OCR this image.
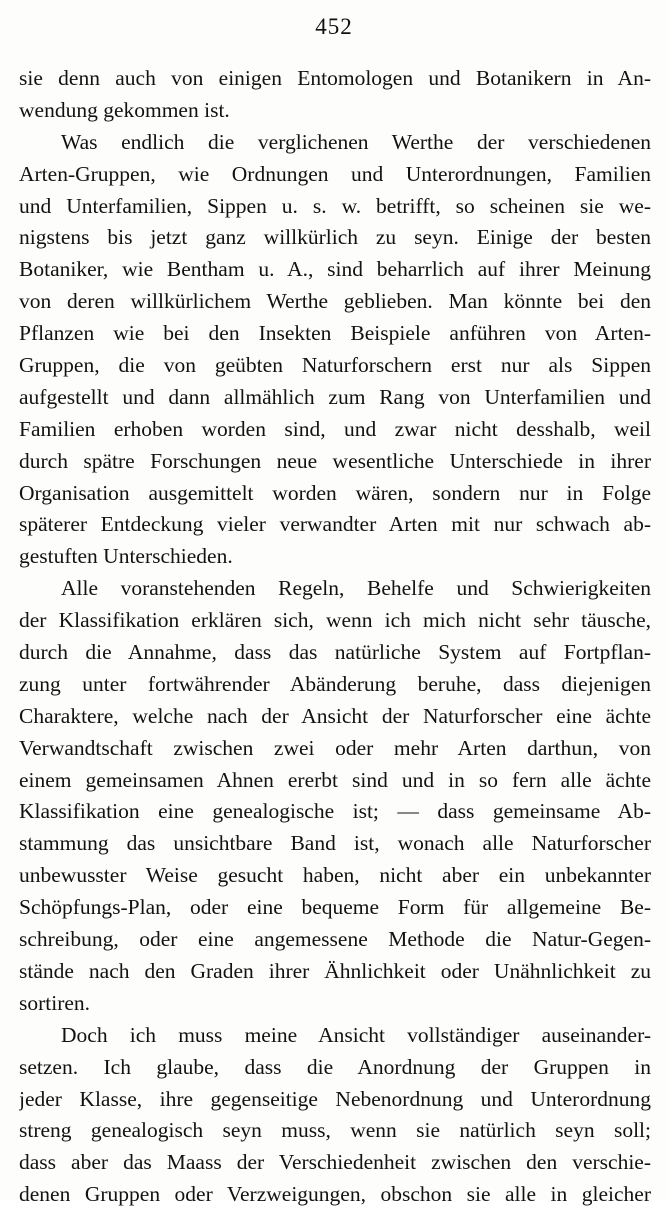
452
sie denn auch von einigen Entomologen und Botanikern in An-
wendung gekommen ist.
Was endlich die verglichenen Werthe der verschiedenen
Arten-Gruppen, wie Ordnungen und Unterordnungen, Familien
und Unterfamilien, Sippen u. s. w. betrifft, so scheinen sie we-
nigstens bis jetzt ganz willkürlich zu seyn. Einige der besten
Botaniker, wie Bentham u. A., sind beharrlich auf ihrer Meinung
von deren willkürlichem Werthe geblieben. Man könnte bei den
Pflanzen wie bei den Insekten Beispiele anführen von Arten-
Gruppen, die von geübten Naturforschern erst nur als Sippen
aufgestellt und dann allmählich zum Rang von Unterfamilien und
Familien erhoben worden sind, und zwar nicht desshalb, weil
durch spätre Forschungen neue wesentliche Unterschiede in ihrer
Organisation ausgemittelt worden wären, sondern nur in Folge
späterer Entdeckung vieler verwandter Arten mit nur schwach ab-
gestuften Unterschieden.
Alle voranstehenden Regeln, Behelfe und Schwierigkeiten
der Klassifikation erklären sich, wenn ich mich nicht sehr täusche,
durch die Annahme, dass das natürliche System auf Fortpflan-
zung unter fortwährender Abänderung beruhe, dass diejenigen
Charaktere, welche nach der Ansicht der Naturforscher eine ächte
Verwandtschaft zwischen zwei oder mehr Arten darthun, von
einem gemeinsamen Ahnen ererbt sind und in so fern alle ächte
Klassifikation eine genealogische ist; — dass gemeinsame Ab-
stammung das unsichtbare Band ist, wonach alle Naturforscher
unbewusster Weise gesucht haben, nicht aber ein unbekannter
Schöpfungs-Plan, oder eine bequeme Form für allgemeine Be-
schreibung, oder eine angemessene Methode die Natur-Gegen-
stände nach den Graden ihrer Ähnlichkeit oder Unähnlichkeit zu
sortiren.
Doch ich muss meine Ansicht vollständiger auseinander-
setzen. Ich glaube, dass die Anordnung der Gruppen in
jeder Klasse, ihre gegenseitige Nebenordnung und Unterordnung
streng genealogisch seyn muss, wenn sie natürlich seyn soll;
dass aber das Maass der Verschiedenheit zwischen den verschie-
denen Gruppen oder Verzweigungen, obschon sie alle in gleicher
